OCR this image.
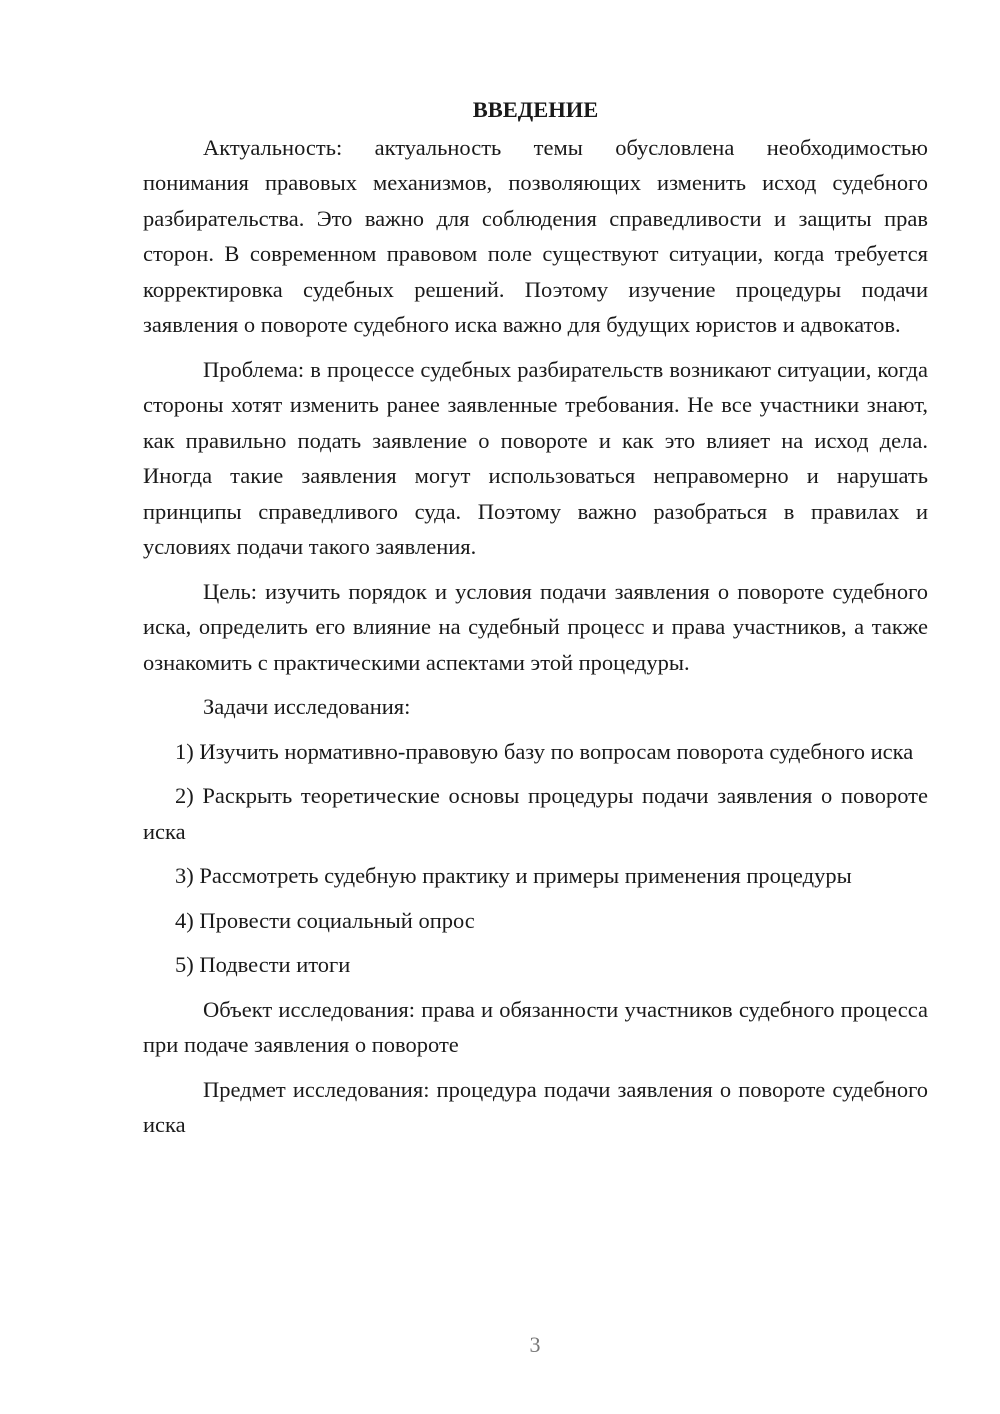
ВВЕДЕНИЕ

Актуальность: актуальность темы обусловлена необходимостью понимания правовых механизмов, позволяющих изменить исход судебного разбирательства. Это важно для соблюдения справедливости и защиты прав сторон. В современном правовом поле существуют ситуации, когда требуется корректировка судебных решений. Поэтому изучение процедуры подачи заявления о повороте судебного иска важно для будущих юристов и адвокатов.

Проблема: в процессе судебных разбирательств возникают ситуации, когда стороны хотят изменить ранее заявленные требования. Не все участники знают, как правильно подать заявление о повороте и как это влияет на исход дела. Иногда такие заявления могут использоваться неправомерно и нарушать принципы справедливого суда. Поэтому важно разобраться в правилах и условиях подачи такого заявления.

Цель: изучить порядок и условия подачи заявления о повороте судебного иска, определить его влияние на судебный процесс и права участников, а также ознакомить с практическими аспектами этой процедуры.

Задачи исследования:

1) Изучить нормативно-правовую базу по вопросам поворота судебного иска

2) Раскрыть теоретические основы процедуры подачи заявления о повороте иска

3) Рассмотреть судебную практику и примеры применения процедуры

4) Провести социальный опрос

5) Подвести итоги

Объект исследования: права и обязанности участников судебного процесса при подаче заявления о повороте

Предмет исследования: процедура подачи заявления о повороте судебного иска

3
